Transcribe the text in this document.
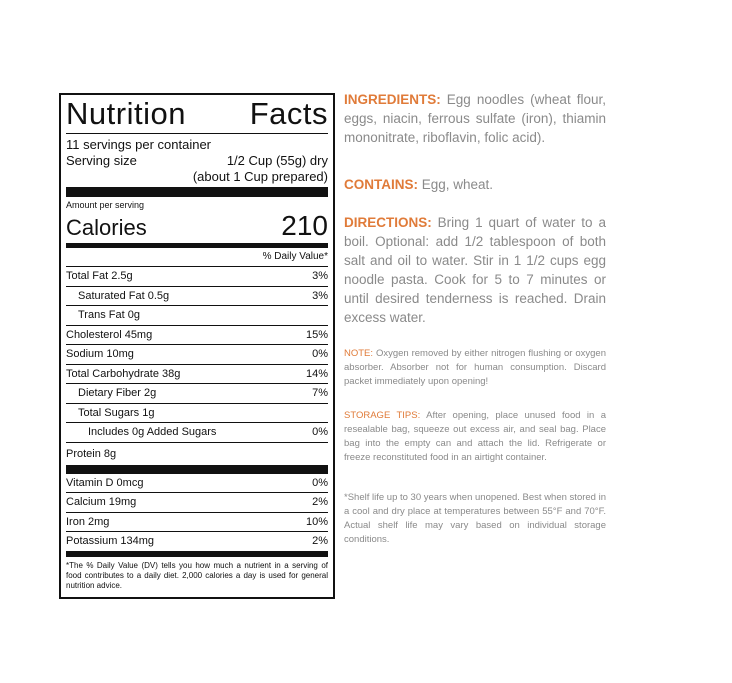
Nutrition Facts
11 servings per container
Serving size	1/2 Cup (55g) dry
(about 1 Cup prepared)
Amount per serving
Calories	210
% Daily Value*
Total Fat 2.5g	3%
Saturated Fat 0.5g	3%
Trans Fat 0g
Cholesterol 45mg	15%
Sodium 10mg	0%
Total Carbohydrate 38g	14%
Dietary Fiber 2g	7%
Total Sugars 1g
Includes 0g Added Sugars	0%
Protein 8g
Vitamin D 0mcg	0%
Calcium 19mg	2%
Iron 2mg	10%
Potassium 134mg	2%
*The % Daily Value (DV) tells you how much a nutrient in a serving of food contributes to a daily diet. 2,000 calories a day is used for general nutrition advice.

INGREDIENTS: Egg noodles (wheat flour, eggs, niacin, ferrous sulfate (iron), thiamin mononitrate, riboflavin, folic acid).

CONTAINS: Egg, wheat.

DIRECTIONS: Bring 1 quart of water to a boil. Optional: add 1/2 tablespoon of both salt and oil to water. Stir in 1 1/2 cups egg noodle pasta. Cook for 5 to 7 minutes or until desired tenderness is reached. Drain excess water.

NOTE: Oxygen removed by either nitrogen flushing or oxygen absorber. Absorber not for human consumption. Discard packet immediately upon opening!

STORAGE TIPS: After opening, place unused food in a resealable bag, squeeze out excess air, and seal bag. Place bag into the empty can and attach the lid. Refrigerate or freeze reconstituted food in an airtight container.

*Shelf life up to 30 years when unopened. Best when stored in a cool and dry place at temperatures between 55°F and 70°F. Actual shelf life may vary based on individual storage conditions.
